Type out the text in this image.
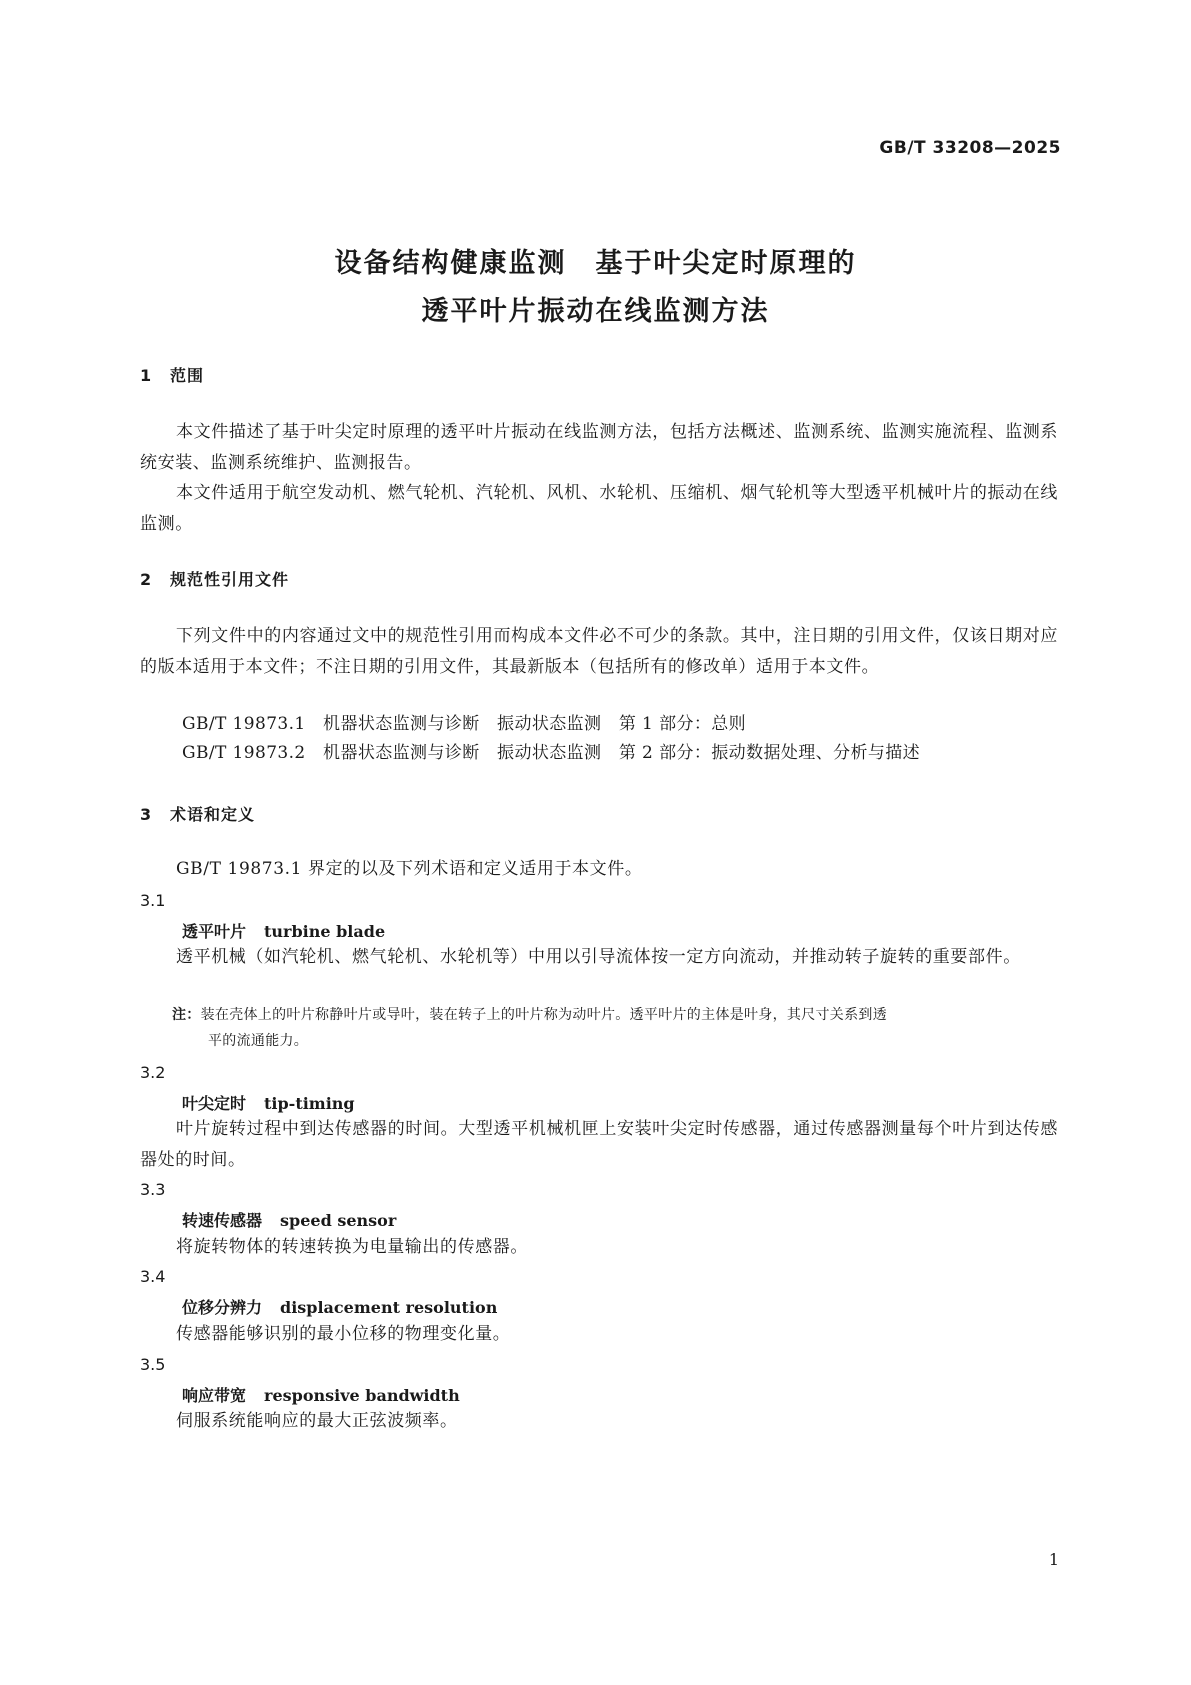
GB/T 33208—2025
设备结构健康监测　基于叶尖定时原理的
透平叶片振动在线监测方法
1 范围
本文件描述了基于叶尖定时原理的透平叶片振动在线监测方法，包括方法概述、监测系统、监测实施流程、监测系统安装、监测系统维护、监测报告。
本文件适用于航空发动机、燃气轮机、汽轮机、风机、水轮机、压缩机、烟气轮机等大型透平机械叶片的振动在线监测。
2 规范性引用文件
下列文件中的内容通过文中的规范性引用而构成本文件必不可少的条款。其中，注日期的引用文件，仅该日期对应的版本适用于本文件；不注日期的引用文件，其最新版本（包括所有的修改单）适用于本文件。
GB/T 19873.1　机器状态监测与诊断　振动状态监测　第 1 部分：总则
GB/T 19873.2　机器状态监测与诊断　振动状态监测　第 2 部分：振动数据处理、分析与描述
3 术语和定义
GB/T 19873.1 界定的以及下列术语和定义适用于本文件。
3.1
透平叶片 turbine blade
透平机械（如汽轮机、燃气轮机、水轮机等）中用以引导流体按一定方向流动，并推动转子旋转的重要部件。
注：装在壳体上的叶片称静叶片或导叶，装在转子上的叶片称为动叶片。透平叶片的主体是叶身，其尺寸关系到透
平的流通能力。
3.2
叶尖定时 tip-timing
叶片旋转过程中到达传感器的时间。大型透平机械机匣上安装叶尖定时传感器，通过传感器测量每个叶片到达传感器处的时间。
3.3
转速传感器 speed sensor
将旋转物体的转速转换为电量输出的传感器。
3.4
位移分辨力 displacement resolution
传感器能够识别的最小位移的物理变化量。
3.5
响应带宽 responsive bandwidth
伺服系统能响应的最大正弦波频率。
1
